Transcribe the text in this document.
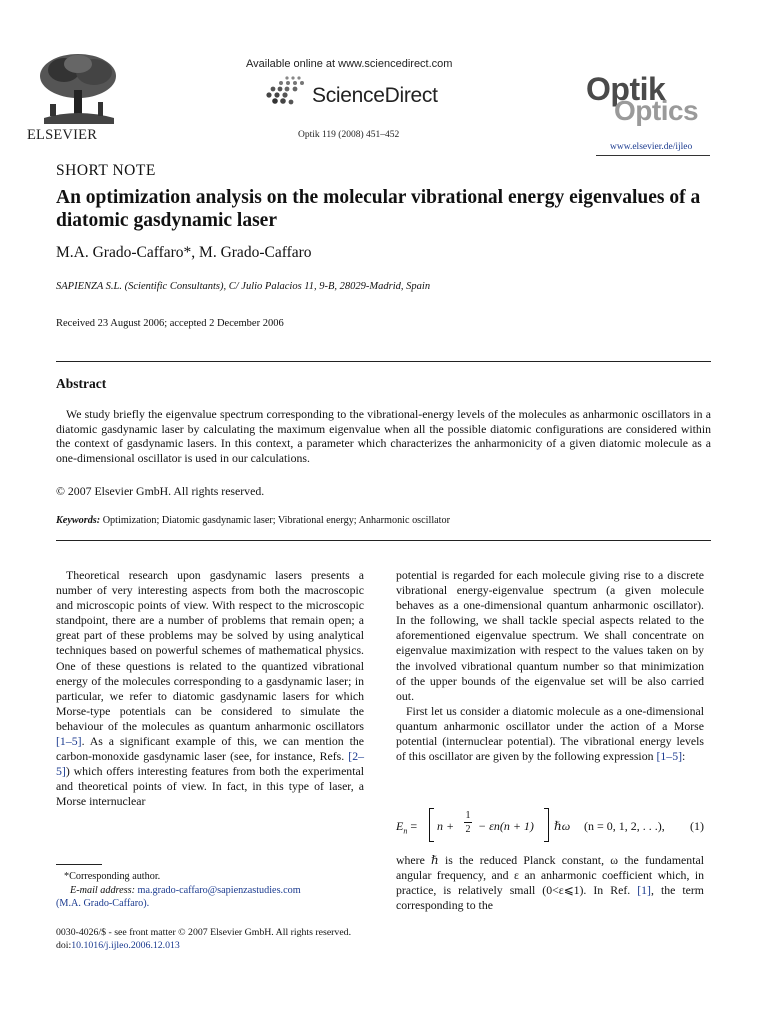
ELSEVIER
Available online at www.sciencedirect.com
ScienceDirect
Optik 119 (2008) 451–452
Optik
Optics
www.elsevier.de/ijleo
SHORT NOTE
An optimization analysis on the molecular vibrational energy eigenvalues of a diatomic gasdynamic laser
M.A. Grado-Caffaro*, M. Grado-Caffaro
SAPIENZA S.L. (Scientific Consultants), C/ Julio Palacios 11, 9-B, 28029-Madrid, Spain
Received 23 August 2006; accepted 2 December 2006
Abstract
We study briefly the eigenvalue spectrum corresponding to the vibrational-energy levels of the molecules as anharmonic oscillators in a diatomic gasdynamic laser by calculating the maximum eigenvalue when all the possible diatomic configurations are considered within the context of gasdynamic lasers. In this context, a parameter which characterizes the anharmonicity of a given diatomic molecule as a one-dimensional oscillator is used in our calculations.
© 2007 Elsevier GmbH. All rights reserved.
Keywords: Optimization; Diatomic gasdynamic laser; Vibrational energy; Anharmonic oscillator

Theoretical research upon gasdynamic lasers presents a number of very interesting aspects from both the macroscopic and microscopic points of view. With respect to the microscopic standpoint, there are a number of problems that remain open; a great part of these problems may be solved by using analytical techniques based on powerful schemes of mathematical physics. One of these questions is related to the quantized vibrational energy of the molecules corresponding to a gasdynamic laser; in particular, we refer to diatomic gasdynamic lasers for which Morse-type potentials can be considered to simulate the behaviour of the molecules as quantum anharmonic oscillators [1–5]. As a significant example of this, we can mention the carbon-monoxide gasdynamic laser (see, for instance, Refs. [2–5]) which offers interesting features from both the experimental and theoretical points of view. In fact, in this type of laser, a Morse internuclear

potential is regarded for each molecule giving rise to a discrete vibrational energy-eigenvalue spectrum (a given molecule behaves as a one-dimensional quantum anharmonic oscillator). In the following, we shall tackle special aspects related to the aforementioned eigenvalue spectrum. We shall concentrate on eigenvalue maximization with respect to the values taken on by the involved vibrational quantum number so that minimization of the upper bounds of the eigenvalue set will be also carried out.

First let us consider a diatomic molecule as a one-dimensional quantum anharmonic oscillator under the action of a Morse potential (internuclear potential). The vibrational energy levels of this oscillator are given by the following expression [1–5]:

$E_n = n$ +
1
2 − εn(n + 1) ℏω (n = 0, 1, 2, . . .), (1)

where ℏ is the reduced Planck constant, ω the fundamental angular frequency, and ε an anharmonic coefficient which, in practice, is relatively small (0<ε⩽1). In Ref. [1], the term corresponding to the

*Corresponding author.
E-mail address: ma.grado-caffaro@sapienzastudies.com
(M.A. Grado-Caffaro).
0030-4026/$ - see front matter © 2007 Elsevier GmbH. All rights reserved.
doi:10.1016/j.ijleo.2006.12.013
